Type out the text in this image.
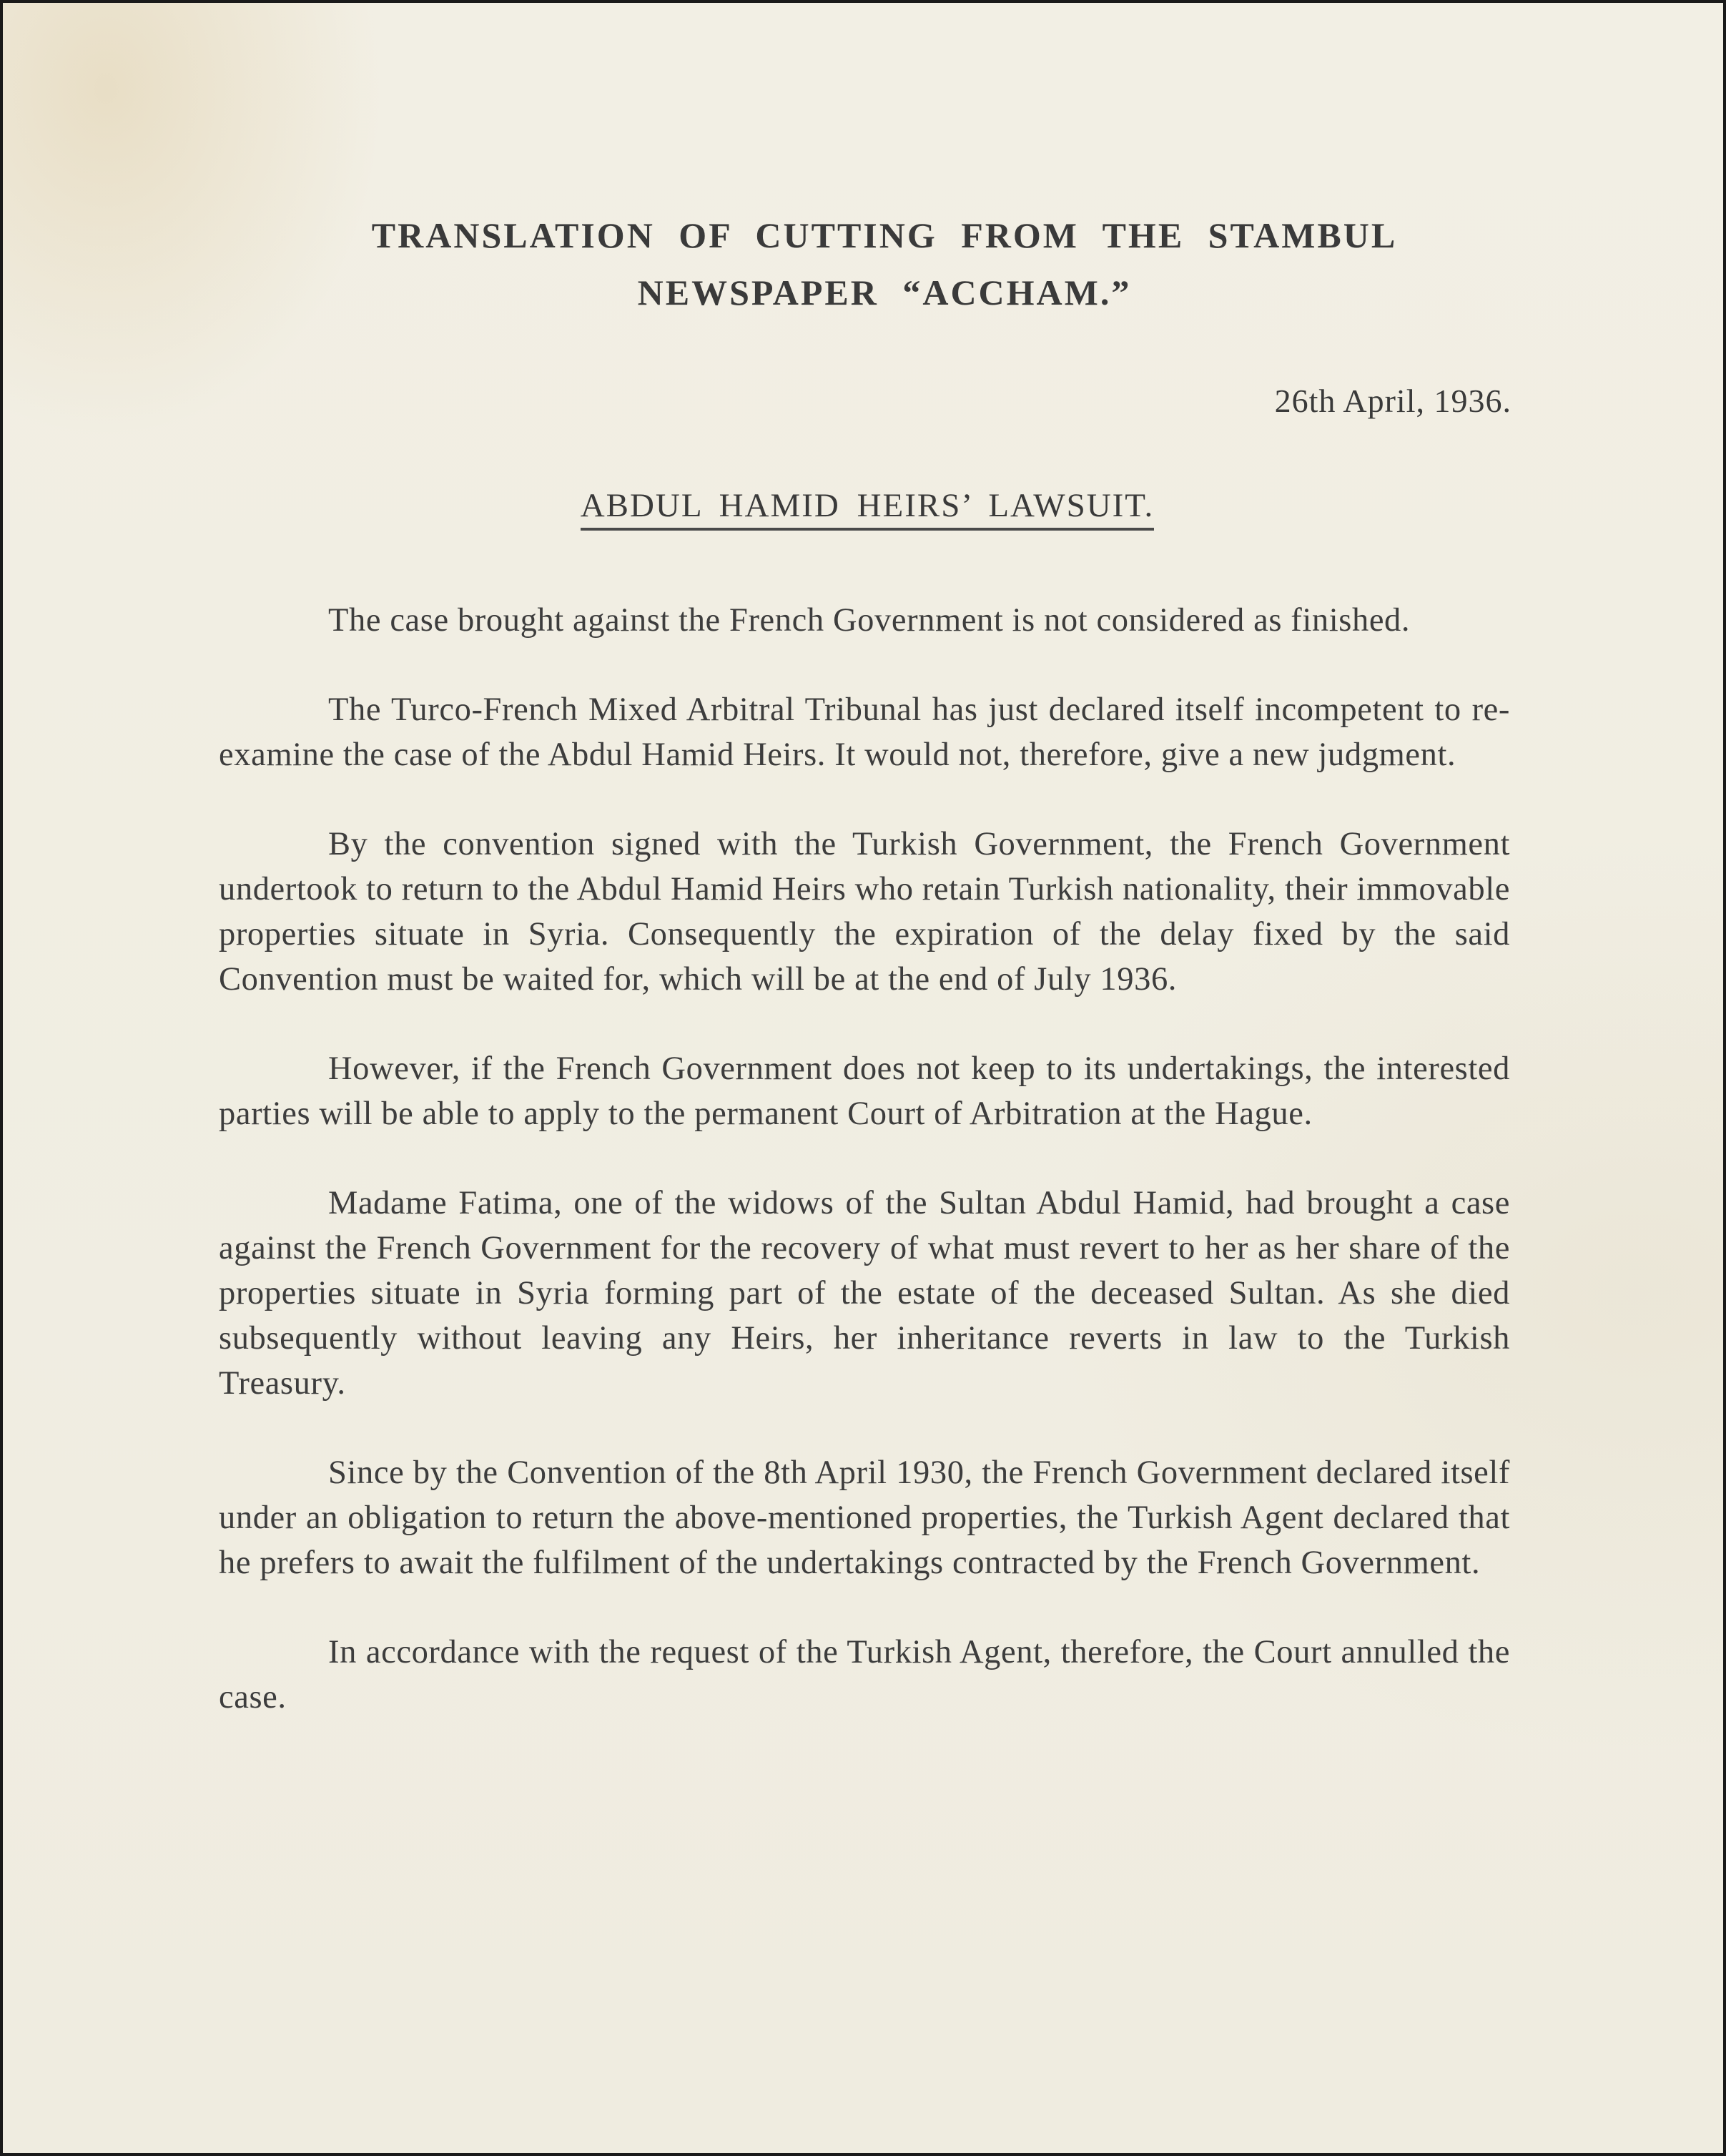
TRANSLATION OF CUTTING FROM THE STAMBUL
NEWSPAPER “ACCHAM.”
26th April, 1936.
ABDUL HAMID HEIRS’ LAWSUIT.

The case brought against the French Government is not considered as finished.

The Turco-French Mixed Arbitral Tribunal has just declared itself incompetent to re-examine the case of the Abdul Hamid Heirs. It would not, therefore, give a new judgment.

By the convention signed with the Turkish Government, the French Government undertook to return to the Abdul Hamid Heirs who retain Turkish nationality, their immovable properties situate in Syria. Consequently the expiration of the delay fixed by the said Convention must be waited for, which will be at the end of July 1936.

However, if the French Government does not keep to its undertakings, the interested parties will be able to apply to the permanent Court of Arbitration at the Hague.

Madame Fatima, one of the widows of the Sultan Abdul Hamid, had brought a case against the French Government for the recovery of what must revert to her as her share of the properties situate in Syria forming part of the estate of the deceased Sultan. As she died subsequently without leaving any Heirs, her inheritance reverts in law to the Turkish Treasury.

Since by the Convention of the 8th April 1930, the French Government declared itself under an obligation to return the above-mentioned properties, the Turkish Agent declared that he prefers to await the fulfilment of the undertakings contracted by the French Government.

In accordance with the request of the Turkish Agent, therefore, the Court annulled the case.
